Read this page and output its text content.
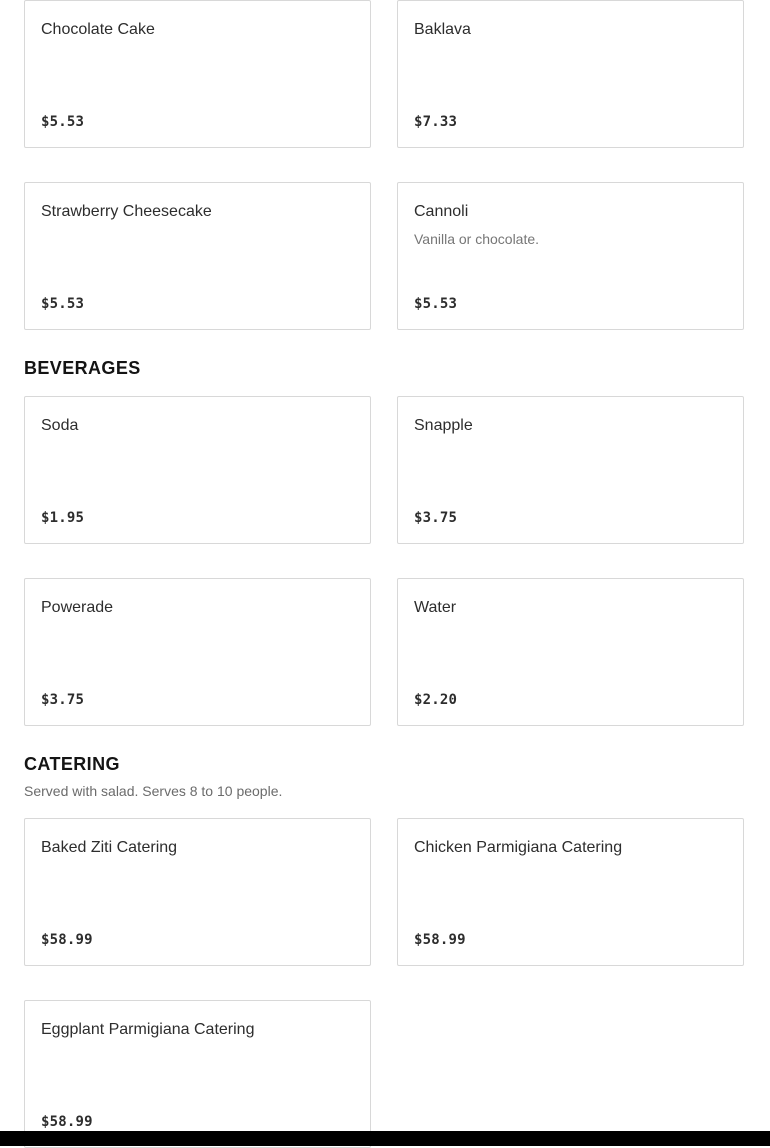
Chocolate Cake
$5.53
Baklava
$7.33
Strawberry Cheesecake
$5.53
Cannoli
Vanilla or chocolate.
$5.53
BEVERAGES
Soda
$1.95
Snapple
$3.75
Powerade
$3.75
Water
$2.20
CATERING
Served with salad. Serves 8 to 10 people.
Baked Ziti Catering
$58.99
Chicken Parmigiana Catering
$58.99
Eggplant Parmigiana Catering
$58.99
